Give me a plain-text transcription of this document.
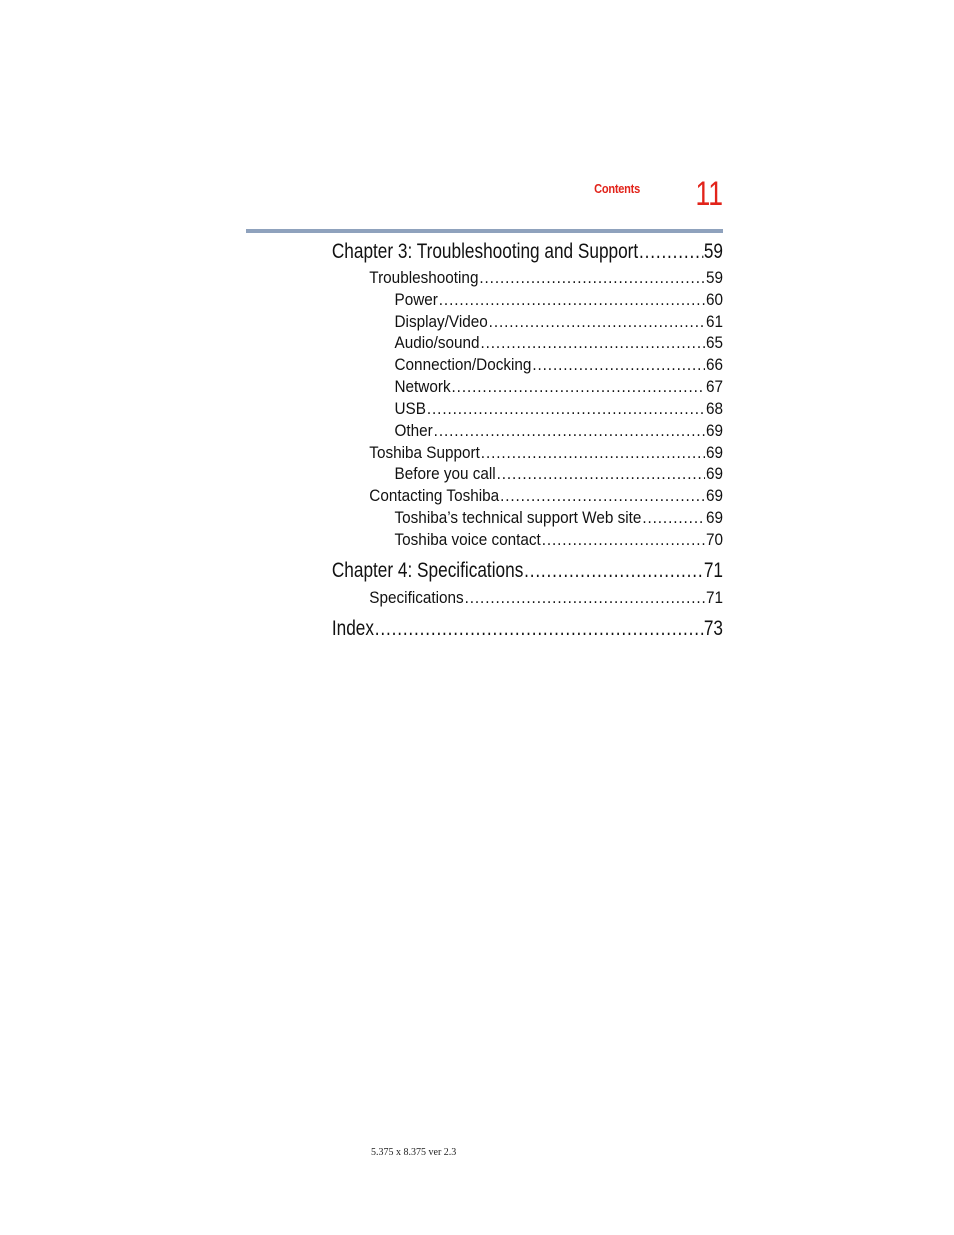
Contents 11
Chapter 3: Troubleshooting and Support .....	59
Troubleshooting .....	59
Power .....	60
Display/Video .....	61
Audio/sound .....	65
Connection/Docking .....	66
Network .....	67
USB .....	68
Other .....	69
Toshiba Support .....	69
Before you call .....	69
Contacting Toshiba .....	69
Toshiba’s technical support Web site .....	69
Toshiba voice contact .....	70
Chapter 4: Specifications .....	71
Specifications .....	71
Index .....	73
5.375 x 8.375 ver 2.3
